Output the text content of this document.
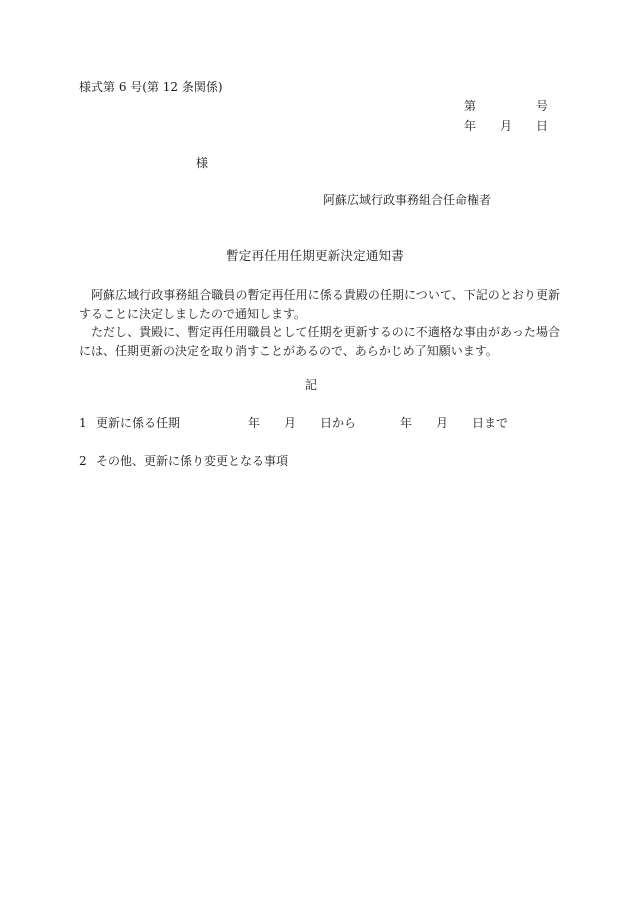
様式第 6 号(第 12 条関係)
第	号
年 月 日
様
阿蘇広域行政事務組合任命権者
暫定再任用任期更新決定通知書

阿蘇広域行政事務組合職員の暫定再任用に係る貴殿の任期について、下記のとおり更新することに決定しましたので通知します。

ただし、貴殿に、暫定再任用職員として任期を更新するのに不適格な事由があった場合には、任期更新の決定を取り消すことがあるので、あらかじめ了知願います。

記
1 更新に係る任期	年 月 日から	年 月 日まで
2 その他、更新に係り変更となる事項
